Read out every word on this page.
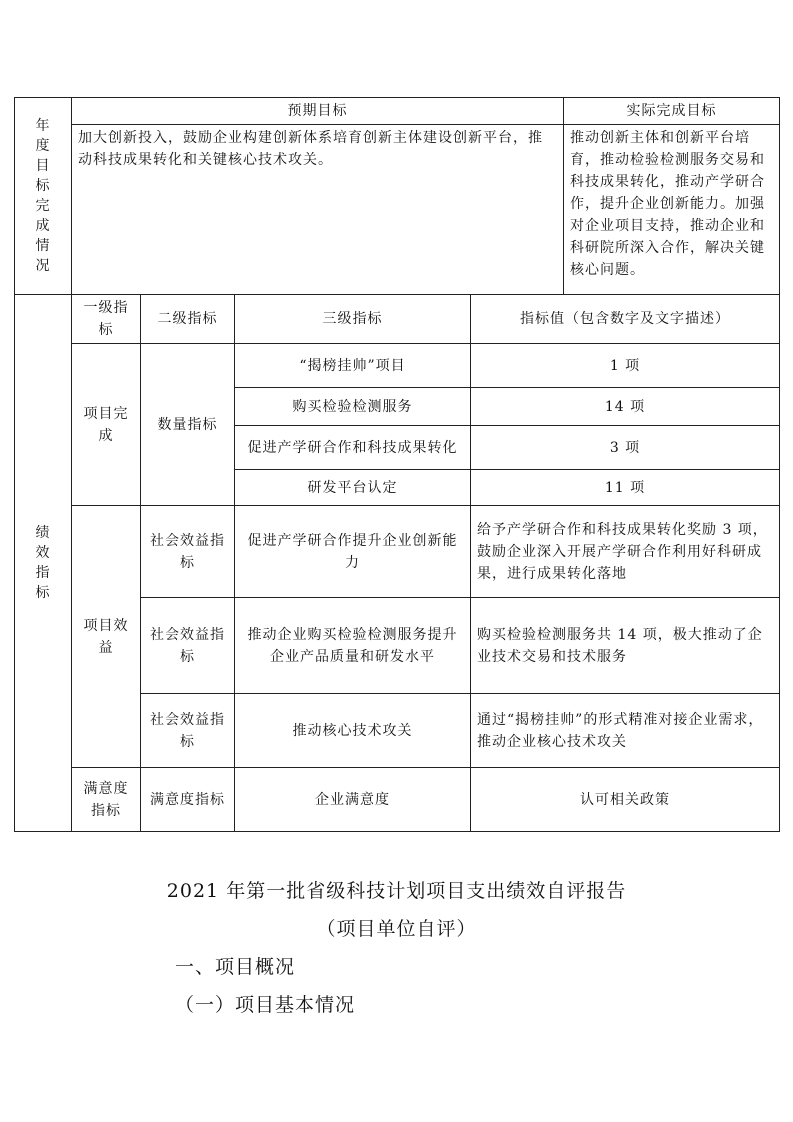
年度目标完成情况	预期目标				实际完成目标
	加大创新投入，鼓励企业构建创新体系培育创新主体建设创新平台，推动科技成果转化和关键核心技术攻关。				推动创新主体和创新平台培育，推动检验检测服务交易和科技成果转化，推动产学研合作，提升企业创新能力。加强对企业项目支持，推动企业和科研院所深入合作，解决关键核心问题。
绩效指标	一级指标	二级指标	三级指标	指标值（包含数字及文字描述）	
	项目完成	数量指标	“揭榜挂帅”项目	1 项	
			购买检验检测服务	14 项	
			促进产学研合作和科技成果转化	3 项	
			研发平台认定	11 项	
	项目效益	社会效益指标	促进产学研合作提升企业创新能力	给予产学研合作和科技成果转化奖励 3 项，鼓励企业深入开展产学研合作利用好科研成果，进行成果转化落地	
		社会效益指标	推动企业购买检验检测服务提升企业产品质量和研发水平	购买检验检测服务共 14 项，极大推动了企业技术交易和技术服务	
		社会效益指标	推动核心技术攻关	通过“揭榜挂帅”的形式精准对接企业需求，推动企业核心技术攻关	
	满意度指标	满意度指标	企业满意度	认可相关政策	
2021 年第一批省级科技计划项目支出绩效自评报告
（项目单位自评）
一、项目概况
（一）项目基本情况
